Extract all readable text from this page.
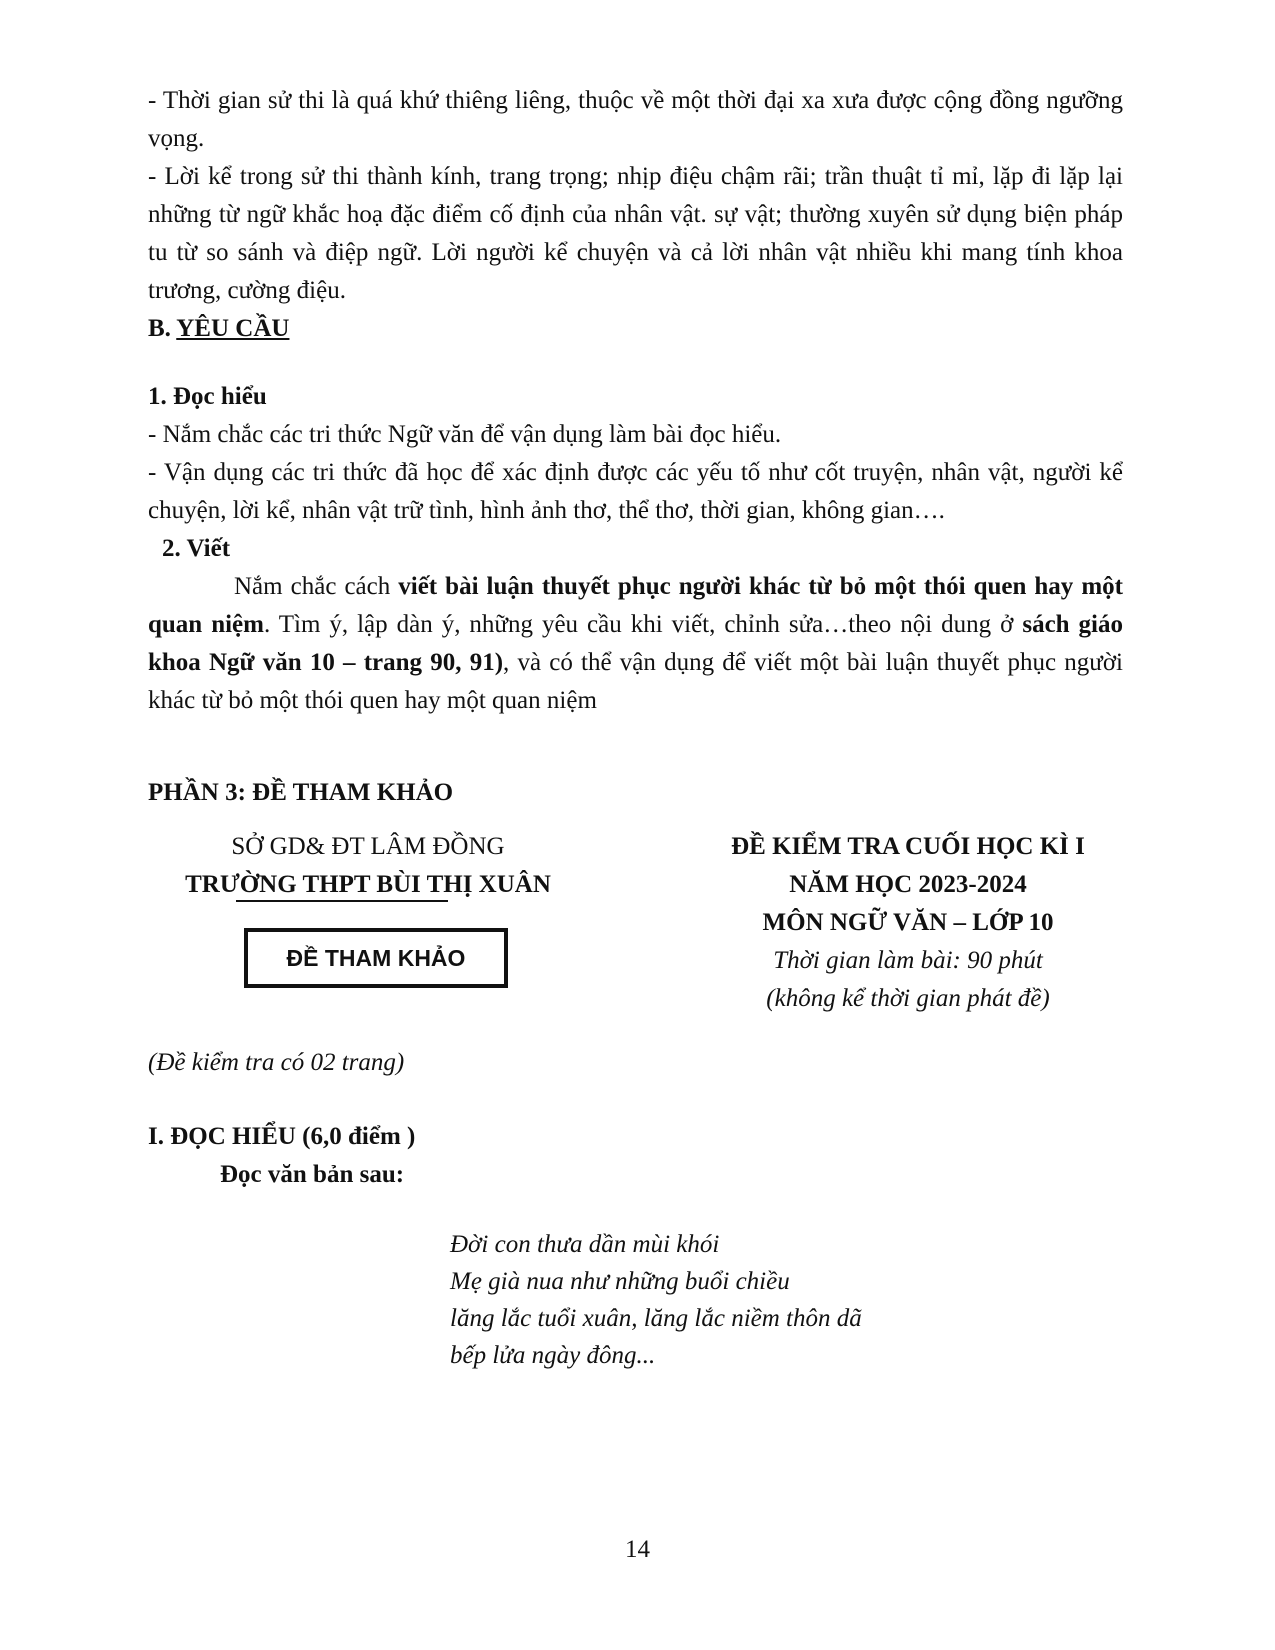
- Thời gian sử thi là quá khứ thiêng liêng, thuộc về một thời đại xa xưa được cộng đồng ngưỡng vọng.

- Lời kể trong sử thi thành kính, trang trọng; nhịp điệu chậm rãi; trần thuật tỉ mỉ, lặp đi lặp lại những từ ngữ khắc hoạ đặc điểm cố định của nhân vật. sự vật; thường xuyên sử dụng biện pháp tu từ so sánh và điệp ngữ. Lời người kể chuyện và cả lời nhân vật nhiều khi mang tính khoa trương, cường điệu.

B. YÊU CẦU

1. Đọc hiểu

- Nắm chắc các tri thức Ngữ văn để vận dụng làm bài đọc hiểu.

- Vận dụng các tri thức đã học để xác định được các yếu tố như cốt truyện, nhân vật, người kể chuyện, lời kể, nhân vật trữ tình, hình ảnh thơ, thể thơ, thời gian, không gian….

2. Viết

Nắm chắc cách viết bài luận thuyết phục người khác từ bỏ một thói quen hay một quan niệm. Tìm ý, lập dàn ý, những yêu cầu khi viết, chỉnh sửa…theo nội dung ở sách giáo khoa Ngữ văn 10 – trang 90, 91), và có thể vận dụng để viết một bài luận thuyết phục người khác từ bỏ một thói quen hay một quan niệm

PHẦN 3: ĐỀ THAM KHẢO

SỞ GD& ĐT LÂM ĐỒNG
TRƯỜNG THPT BÙI THỊ XUÂN
ĐỀ THAM KHẢO
ĐỀ KIỂM TRA CUỐI HỌC KÌ I
NĂM HỌC 2023-2024
MÔN NGỮ VĂN – LỚP 10
Thời gian làm bài: 90 phút
(không kể thời gian phát đề)

(Đề kiểm tra có 02 trang)

I. ĐỌC HIỂU (6,0 điểm )

Đọc văn bản sau:

Đời con thưa dần mùi khói
Mẹ già nua như những buổi chiều
lăng lắc tuổi xuân, lăng lắc niềm thôn dã
bếp lửa ngày đông...
14
